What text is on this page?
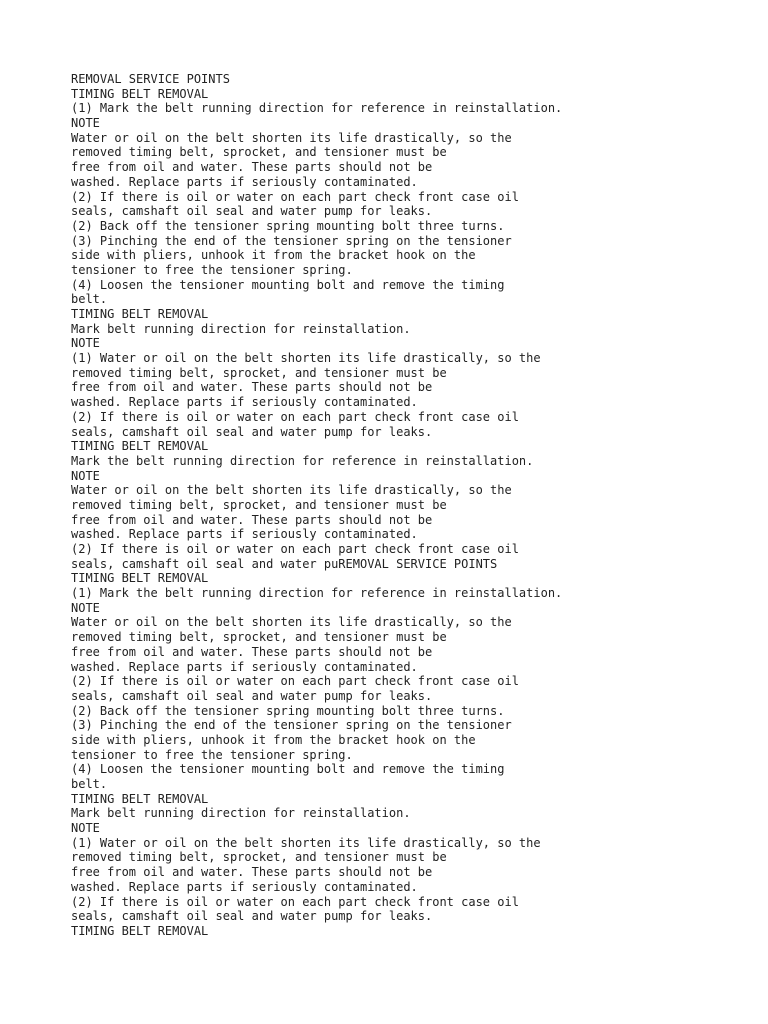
REMOVAL SERVICE POINTS
TIMING BELT REMOVAL
(1) Mark the belt running direction for reference in reinstallation.
NOTE
Water or oil on the belt shorten its life drastically, so the
removed timing belt, sprocket, and tensioner must be
free from oil and water. These parts should not be
washed. Replace parts if seriously contaminated.
(2) If there is oil or water on each part check front case oil
seals, camshaft oil seal and water pump for leaks.
(2) Back off the tensioner spring mounting bolt three turns.
(3) Pinching the end of the tensioner spring on the tensioner
side with pliers, unhook it from the bracket hook on the
tensioner to free the tensioner spring.
(4) Loosen the tensioner mounting bolt and remove the timing
belt.
TIMING BELT REMOVAL
Mark belt running direction for reinstallation.
NOTE
(1) Water or oil on the belt shorten its life drastically, so the
removed timing belt, sprocket, and tensioner must be
free from oil and water. These parts should not be
washed. Replace parts if seriously contaminated.
(2) If there is oil or water on each part check front case oil
seals, camshaft oil seal and water pump for leaks.
TIMING BELT REMOVAL
Mark the belt running direction for reference in reinstallation.
NOTE
Water or oil on the belt shorten its life drastically, so the
removed timing belt, sprocket, and tensioner must be
free from oil and water. These parts should not be
washed. Replace parts if seriously contaminated.
(2) If there is oil or water on each part check front case oil
seals, camshaft oil seal and water puREMOVAL SERVICE POINTS
TIMING BELT REMOVAL
(1) Mark the belt running direction for reference in reinstallation.
NOTE
Water or oil on the belt shorten its life drastically, so the
removed timing belt, sprocket, and tensioner must be
free from oil and water. These parts should not be
washed. Replace parts if seriously contaminated.
(2) If there is oil or water on each part check front case oil
seals, camshaft oil seal and water pump for leaks.
(2) Back off the tensioner spring mounting bolt three turns.
(3) Pinching the end of the tensioner spring on the tensioner
side with pliers, unhook it from the bracket hook on the
tensioner to free the tensioner spring.
(4) Loosen the tensioner mounting bolt and remove the timing
belt.
TIMING BELT REMOVAL
Mark belt running direction for reinstallation.
NOTE
(1) Water or oil on the belt shorten its life drastically, so the
removed timing belt, sprocket, and tensioner must be
free from oil and water. These parts should not be
washed. Replace parts if seriously contaminated.
(2) If there is oil or water on each part check front case oil
seals, camshaft oil seal and water pump for leaks.
TIMING BELT REMOVAL
